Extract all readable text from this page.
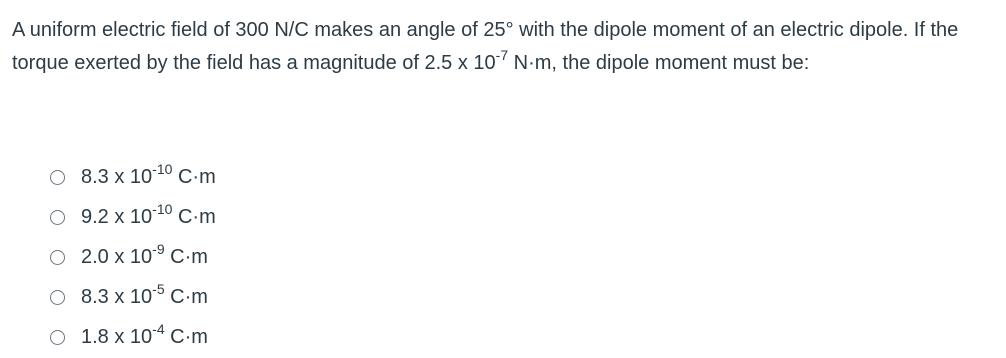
A uniform electric field of 300 N/C makes an angle of 25° with the dipole moment of an electric dipole. If the torque exerted by the field has a magnitude of 2.5 x $10^{-7}$ N·m, the dipole moment must be:
8.3 x $10^{-10}$ C·m
9.2 x $10^{-10}$ C·m
2.0 x $10^{-9}$ C·m
8.3 x $10^{-5}$ C·m
1.8 x $10^{-4}$ C·m
